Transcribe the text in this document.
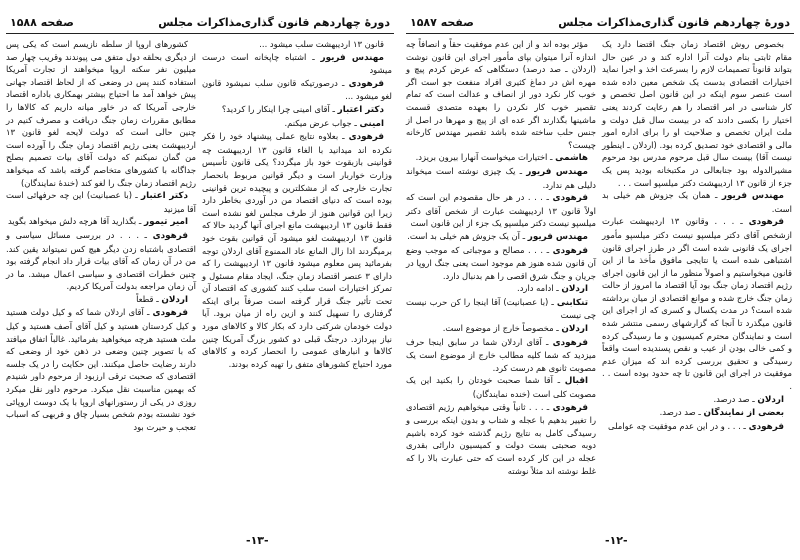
دورهٔ چهاردهم قانون گذاری
مذاکرات مجلس
صفحه ۱۵۸۸

قانون ۱۳ اردیبهشت سلب میشود ...

مهندس فریور ـ اشتباه چاپخانه است درست میشود

فرهودی ـ درصورتیکه قانون سلب نمیشود قانون لغو میشود ...

دکتر اعتبار ـ آقای امینی چرا اینکار را کردید؟

امینی ـ جواب عرض میکنم.

فرهودی ـ بعلاوه نتایج عملی پیشنهاد خود را فکر نکرده اند میدانید با الغاء قانون ۱۳ اردیبهشت چه قوانینی بازبقوت خود باز میگردد؟ یکی قانون تأسیس وزارت خواربار است و دیگر قوانین مربوط بانحصار تجارت خارجی که از مشکلترین و پیچیده ترین قوانینی بوده است که دنیای اقتصاد من در آوردی بخاطر دارد زیرا این قوانین هنوز از طرف مجلس لغو نشده است فقط قانون ۱۳ اردیبهشت مانع اجرای آنها گردید حالا که قانون ۱۳ اردیبهشت لغو میشود آن قوانین بقوت خود برمیگردند اذا زال المانع عاد الممنوع آقای اردلان توجه بفرمائید پس معلوم میشود قانون ۱۳ اردیبهشت را که دارای ۳ عنصر اقتصاد زمان جنگ، ایجاد مقام مسئول و تمرکز اختیارات است سلب کنند کشوری که اقتصاد آن تحت تأثیر جنگ قرار گرفته است صرفاً برای اینکه گرفتاری را تسهیل کنند و ازین راه از میان برود. آیا دولت خودمان شرکتی دارد که بکار کالا و کالاهای مورد نیاز بپردازد. درجنگ قبلی دو کشور بزرگ آمریکا چنین کالاها و انبارهای عمومی را انحصار کرده و کالاهای مورد احتیاج کشورهای متفق را تهیه کرده بودند.

کشورهای اروپا از سلطه نازیسم است که یکی پس از دیگری بحلقه دول متفق می پیوندند وقریب چهار صد میلیون نفر سکنه اروپا میخواهند از تجارت آمریکا استفاده کنند پس در وضعی که از لحاظ اقتصاد جهانی پیش خواهد آمد ما احتیاج بیشتر بهمکاری باداره اقتصاد خارجی آمریکا که در خاور میانه داریم که کالاها را مطابق مقررات زمان جنگ دریافت و مصرف کنیم در چنین حالی است که دولت لایحه لغو قانون ۱۳ اردیبهشت یعنی رژیم اقتصاد زمان جنگ را آورده است من گمان نمیکنم که دولت آقای بیات تصمیم بصلح جداگانه با کشورهای متخاصم گرفته باشد که میخواهد رژیم اقتصاد زمان جنگ را لغو کند (خندهٔ نمایندگان)

دکتر اعتبار ـ (با عصبانیت) این چه حرفهائی است آقا میزنید

امیر تیمور ـ بگذارید آقا هرچه دلش میخواهد بگوید

فرهودی ـ . . . در بررسی مسائل سیاسی و اقتصادی باشتباه زدن دیگر هیچ کس نمیتواند یقین کند. من در آن زمان که آقای بیات قرار داد انجام گرفته بود چنین خطرات اقتصادی و سیاسی اعمال میشد. ما در آن زمان مراجعه بدولت آمریکا کردیم.

اردلان ـ قطعاً

فرهودی ـ آقای اردلان شما که و کیل دولت هستید و کیل کردستان هستید و کیل آقای آصف هستید و کیل ملت هستید هرچه میخواهید بفرمائید. غالباً اتفاق میافتد که با تصویر چنین وضعی در ذهن خود از وضعی که دارند رضایت حاصل میکنند. این حکایت را در یک جلسه اقتصادی که صحبت ترقی ارزبود از مرحوم داور شنیدم که بهمین مناسبت نقل میکرد. مرحوم داور نقل میکرد روزی در یکی از رستورانهای اروپا با یک دوست اروپائی خود نشسته بودم شخص بسیار چاق و فربهی که اسباب تعجب و حیرت بود

-۱۳-
دورهٔ چهاردهم قانون گذاری
مذاکرات مجلس
صفحه ۱۵۸۷

بخصوص روش اقتصاد زمان جنگ اقتضا دارد یک مقام ثابتی بنام دولت آنرا اداره کند و در عین حال بتواند قانوناً تصمیمات لازم را بسرعت اخذ و اجرا نماید اختیارات اقتصادی بدست یک شخص معین داده شده است عنصر سوم اینکه در این قانون اصل تخصص و کار شناسی در امر اقتصاد را هم رعایت کردند یعنی اختیار را بکسی دادند که در بیست سال قبل دولت و ملت ایران تخصص و صلاحیت او را برای اداره امور مالی و اقتصادی خود تصدیق کرده بود. (اردلان ـ اینطور نیست آقا) بیست سال قبل مرحوم مدرس بود مرحوم مشیرالدوله بود جنابعالی در مکتبخانه بودید پس یک جزء از قانون ۱۳ اردیبهشت دکتر میلسپو است . . .

مهندس فریور ـ همان یک جزوش هم خیلی بد است.

فرهودی ـ . . . وقانون ۱۳ اردیبهشت عبارت ازشخص آقای دکتر میلسپو نیست دکتر میلسپو مأمور اجرای یک قانونی شده است اگر در طرز اجرای قانون اشتباهی شده است یا نتایجی مافوق مأخذ ما از این قانون میخواستیم و اصولاً منظور ما از این قانون اجرای رژیم اقتصاد زمان جنگ بود آیا اقتصاد ما امروز از حالت زمان جنگ خارج شده و موانع اقتصادی از میان برداشته شده است؟ در مدت یکسال و کسری که از اجرای این قانون میگذرد تا آنجا که گزارشهای رسمی منتشر شده است و نمایندگان محترم کمیسیون و ما رسیدگی کرده و کمی خالی بودن از عیب و نقص پسندیده است واقعاً رسیدگی و تحقیق بررسی کرده اند که میزان عدم موفقیت در اجرای این قانون تا چه حدود بوده است . . .

اردلان ـ صد درصد.

بعضی از نمایندگان ـ صد درصد.

فرهودی ـ . . . و در این عدم موفقیت چه عواملی

مؤثر بوده اند و از این عدم موفقیت حقاً و انصافاً چه اندازه آنرا میتوان بپای مأمور اجرای این قانون نوشت (اردلان ـ صد درصد) دستگاهی که عرض کردم پیچ و مهره اش در دماغ کثیری افراد منفعت جو است اگر خوب کار نکرد دور از انصاف و عدالت است که تمام تقصیر خوب کار نکردن را بعهده متصدی قسمت ماشینها بگذارند اگر عده ای از پیچ و مهرها در اصل از جنس حلب ساخته شده باشد تقصیر مهندس کارخانه چیست؟

هاشمی ـ اختیارات میخواست آنهارا بیرون بریزد.

مهندس فریور ـ یک چیزی نوشته است میخواند دلیلی هم ندارد.

فرهودی ـ . . . در هر حال مقصودم این است که اولاً قانون ۱۳ اردیبهشت عبارت از شخص آقای دکتر میلسپو نیست دکتر میلسپو یک جزء از این قانون است

مهندس فریور ـ آن یک جزوش هم خیلی بد است.

فرهودی ـ . . . مصالح و موجباتی که موجب وضع آن قانون شده هنوز هم موجود است یعنی جنگ اروپا در جریان و جنگ شرق اقصی را هم بدنبال دارد.

اردلان ـ ادامه دارد.

تنکابنی ـ (با عصبانیت) آقا اینجا را کن حرب نیست چی نیست

اردلان ـ مخصوصاً خارج از موضوع است.

فرهودی ـ آقای اردلان شما در سابق اینجا حرف میزدید که شما کلیه مطالب خارج از موضوع است یک مصوبت ثانوی هم درست کرد.

اقبال ـ آقا شما صحبت خودتان را بکنید این یک مصوبت کلی است (خنده نمایندگان)

فرهودی ـ . . . ثانیاً وقتی میخواهیم رژیم اقتصادی را تغییر بدهیم با عجله و شتاب و بدون اینکه بررسی و رسیدگی کامل به نتایج رژیم گذشته خود کرده باشیم دوبه صحبتی بست دولت و کمیسیون دارائی بقدری عجله در این کار کرده است که حتی عبارت بالا را که غلط نوشته اند مثلاً نوشته

-۱۲-
